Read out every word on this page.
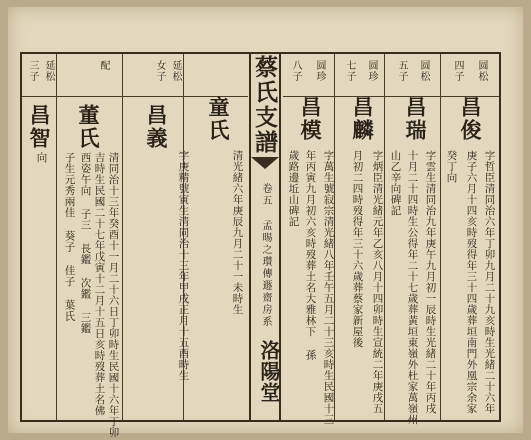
蔡氏支譜
卷五 孟晹之瓚傳遯齋房系
洛陽堂
三子 延松
昌智
向
配
董氏
清同治十三年癸酉十一月二十六日丁卯時生民國十六年丁卯
吉時生民國二十七年戊寅十二月十五日亥時歿葬土名佛
西姿午向 子三 長鑑 次鑑 三鑑
子生元秀兩佳 葵子 佳子 葉氏
女子 延松
昌義
字庚精號寅生清同治十三年甲戌正月十五酉時生
童氏
清光緒六年庚辰九月二十一未時生
八子 圆珍
昌模
字萬生號寂宗清光緒八年壬午五月二十三亥時生民國十三
年丙寅九月初六亥時歿葬土名大雅林下 孫
歲路邊坵山碑記
七子 圆珍
昌麟
字炳臣清光緒元年乙亥八月十四卯時生宣統二年庚戌五
月初二四時歿得年三十六歲葬蔡家新屋後
五子 圆松
昌瑞
字雲生清同治九年庚午九月初一辰時生光緒二十年丙戌
十月二十四時生公得年二十七歲葬黃垣東嶺外杜家萬嶺州
山乙辛向碑記
四子 圆松
昌俊
字哲臣清同治六年丁卯九月二十九亥時生光緒二十六年
庚子六月十四亥時歿得年三十四歲葬垣南門外凰宗余家
癸丁向
